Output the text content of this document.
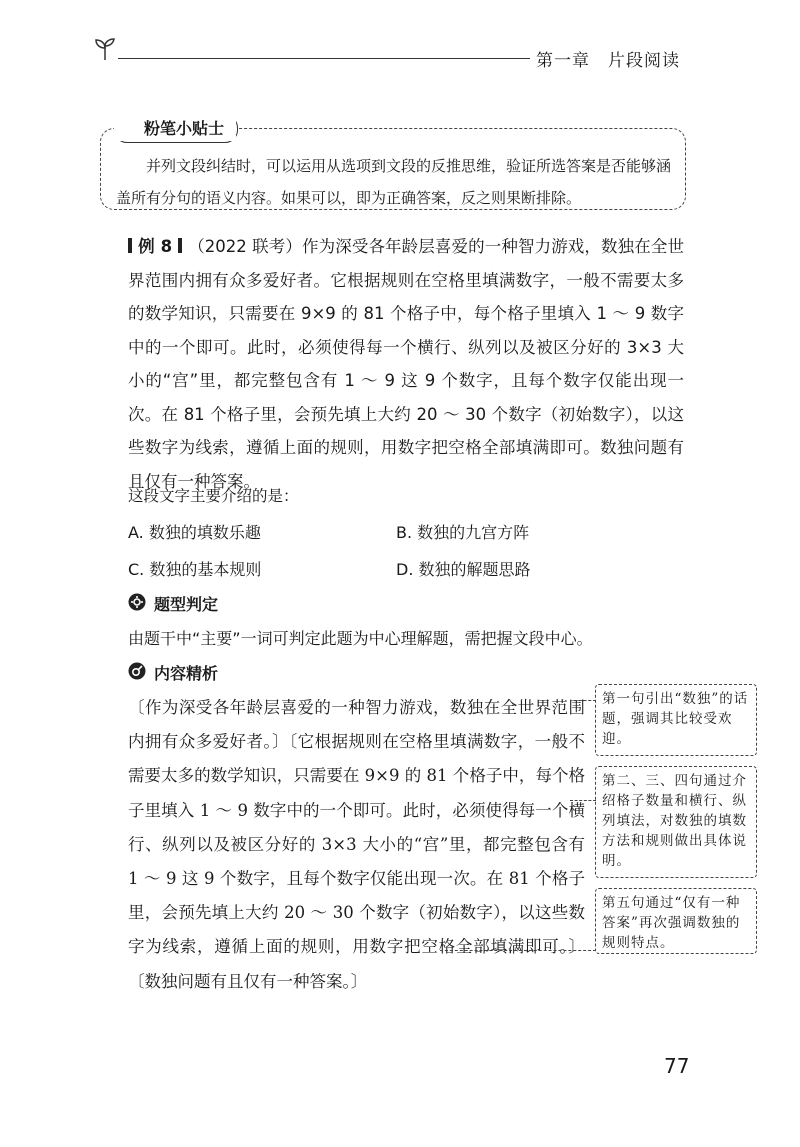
第一章　片段阅读
粉笔小贴士
并列文段纠结时，可以运用从选项到文段的反推思维，验证所选答案是否能够涵盖所有分句的语义内容。如果可以，即为正确答案，反之则果断排除。
例 8 （2022 联考）作为深受各年龄层喜爱的一种智力游戏，数独在全世界范围内拥有众多爱好者。它根据规则在空格里填满数字，一般不需要太多的数学知识，只需要在 9×9 的 81 个格子中，每个格子里填入 1 ～ 9 数字中的一个即可。此时，必须使得每一个横行、纵列以及被区分好的 3×3 大小的“宫”里，都完整包含有 1 ～ 9 这 9 个数字，且每个数字仅能出现一次。在 81 个格子里，会预先填上大约 20 ～ 30 个数字（初始数字），以这些数字为线索，遵循上面的规则，用数字把空格全部填满即可。数独问题有且仅有一种答案。
这段文字主要介绍的是：
A. 数独的填数乐趣	B. 数独的九宫方阵
C. 数独的基本规则	D. 数独的解题思路
题型判定
由题干中“主要”一词可判定此题为中心理解题，需把握文段中心。
内容精析
〔作为深受各年龄层喜爱的一种智力游戏，数独在全世界范围内拥有众多爱好者。〕〔它根据规则在空格里填满数字，一般不需要太多的数学知识，只需要在 9×9 的 81 个格子中，每个格子里填入 1 ～ 9 数字中的一个即可。此时，必须使得每一个横行、纵列以及被区分好的 3×3 大小的“宫”里，都完整包含有 1 ～ 9 这 9 个数字，且每个数字仅能出现一次。在 81 个格子里，会预先填上大约 20 ～ 30 个数字（初始数字），以这些数字为线索，遵循上面的规则，用数字把空格全部填满即可。〕〔数独问题有且仅有一种答案。〕
第一句引出“数独”的话题，强调其比较受欢迎。
第二、三、四句通过介绍格子数量和横行、纵列填法，对数独的填数方法和规则做出具体说明。
第五句通过“仅有一种答案”再次强调数独的规则特点。
77
